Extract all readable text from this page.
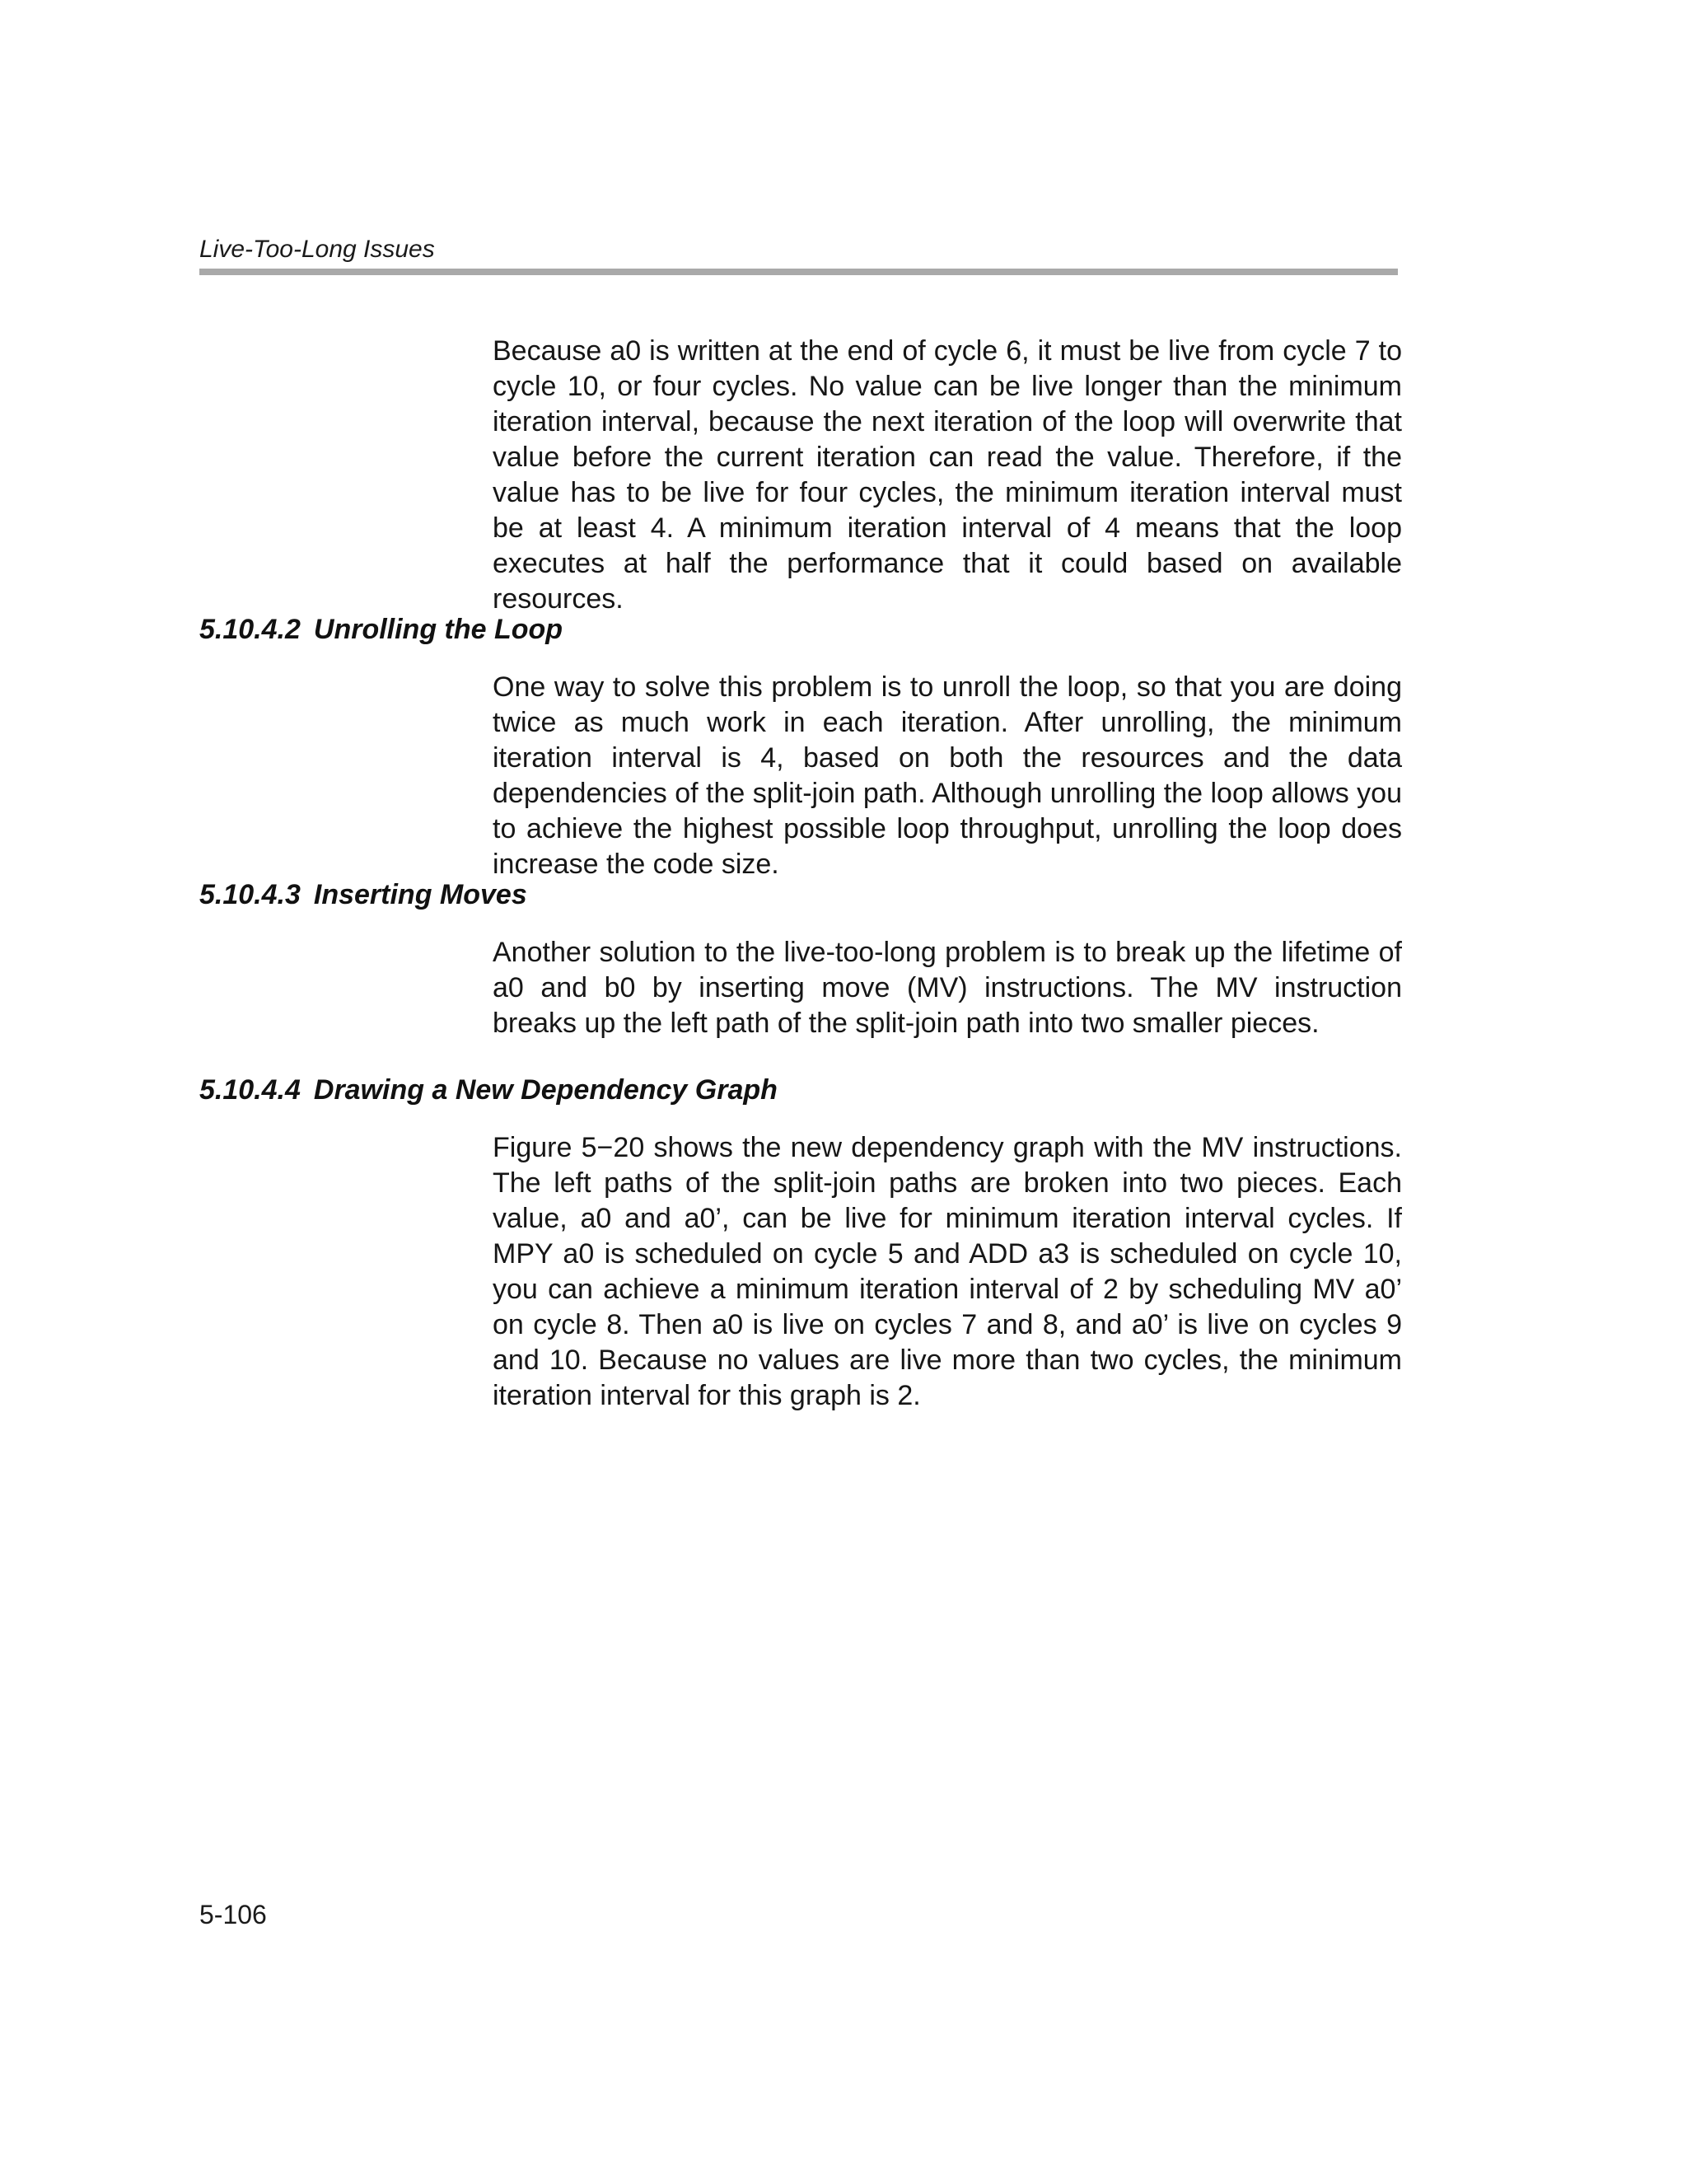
Live-Too-Long Issues

Because a0 is written at the end of cycle 6, it must be live from cycle 7 to cycle 10, or four cycles. No value can be live longer than the minimum iteration interval, because the next iteration of the loop will overwrite that value before the current iteration can read the value. Therefore, if the value has to be live for four cycles, the minimum iteration interval must be at least 4. A minimum iteration interval of 4 means that the loop executes at half the performance that it could based on available resources.

5.10.4.2 Unrolling the Loop

One way to solve this problem is to unroll the loop, so that you are doing twice as much work in each iteration. After unrolling, the minimum iteration interval is 4, based on both the resources and the data dependencies of the split-join path. Although unrolling the loop allows you to achieve the highest possible loop throughput, unrolling the loop does increase the code size.

5.10.4.3 Inserting Moves

Another solution to the live-too-long problem is to break up the lifetime of a0 and b0 by inserting move (MV) instructions. The MV instruction breaks up the left path of the split-join path into two smaller pieces.

5.10.4.4 Drawing a New Dependency Graph

Figure 5−20 shows the new dependency graph with the MV instructions. The left paths of the split-join paths are broken into two pieces. Each value, a0 and a0’, can be live for minimum iteration interval cycles. If MPY a0 is scheduled on cycle 5 and ADD a3 is scheduled on cycle 10, you can achieve a minimum iteration interval of 2 by scheduling MV a0’ on cycle 8. Then a0 is live on cycles 7 and 8, and a0’ is live on cycles 9 and 10. Because no values are live more than two cycles, the minimum iteration interval for this graph is 2.

5-106
